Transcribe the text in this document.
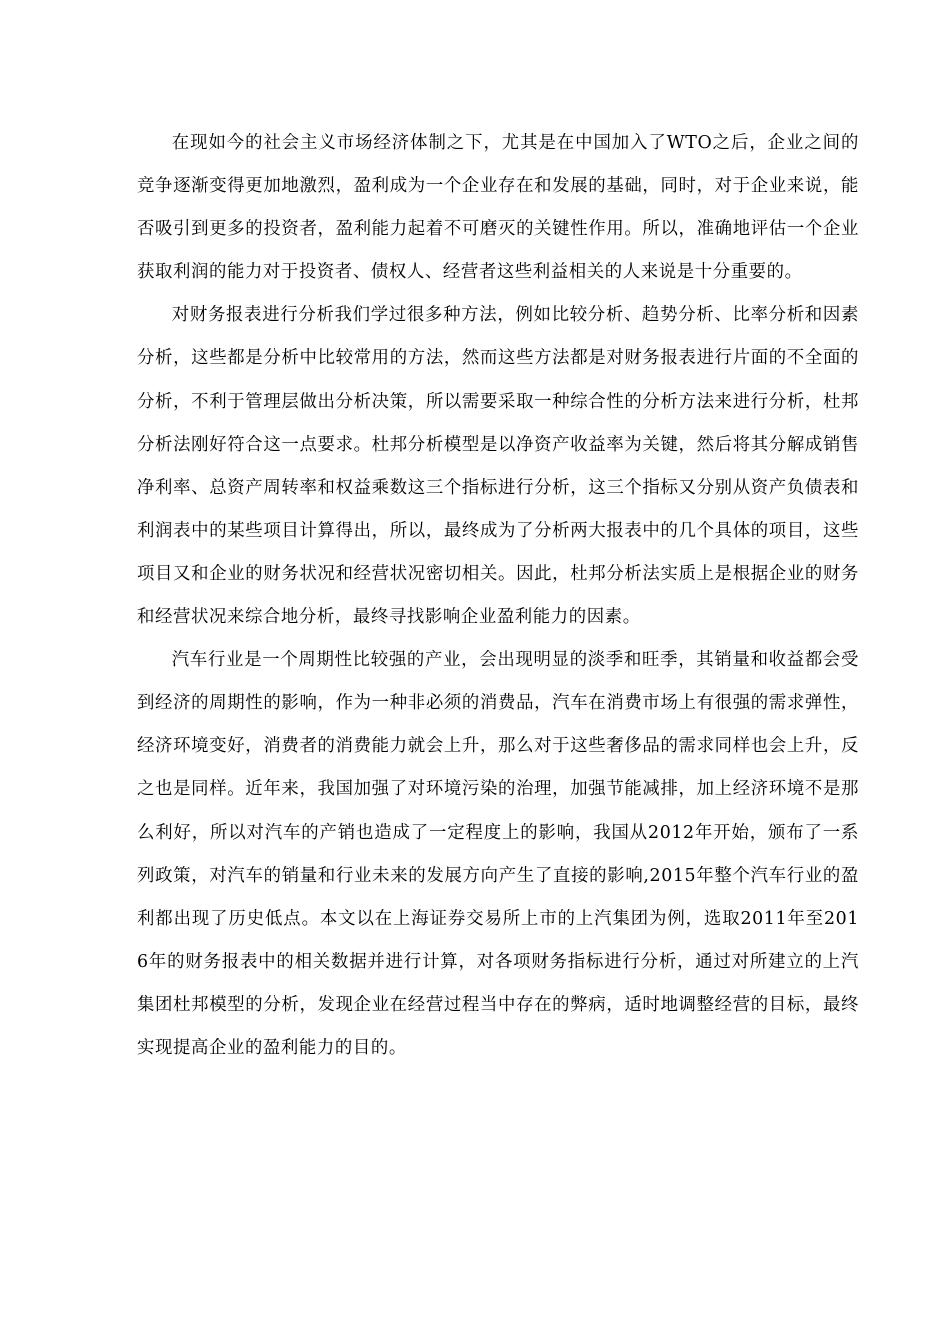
在现如今的社会主义市场经济体制之下，尤其是在中国加入了WTO之后，企业之间的竞争逐渐变得更加地激烈，盈利成为一个企业存在和发展的基础，同时，对于企业来说，能否吸引到更多的投资者，盈利能力起着不可磨灭的关键性作用。所以，准确地评估一个企业获取利润的能力对于投资者、债权人、经营者这些利益相关的人来说是十分重要的。

对财务报表进行分析我们学过很多种方法，例如比较分析、趋势分析、比率分析和因素分析，这些都是分析中比较常用的方法，然而这些方法都是对财务报表进行片面的不全面的分析，不利于管理层做出分析决策，所以需要采取一种综合性的分析方法来进行分析，杜邦分析法刚好符合这一点要求。杜邦分析模型是以净资产收益率为关键，然后将其分解成销售净利率、总资产周转率和权益乘数这三个指标进行分析，这三个指标又分别从资产负债表和利润表中的某些项目计算得出，所以，最终成为了分析两大报表中的几个具体的项目，这些项目又和企业的财务状况和经营状况密切相关。因此，杜邦分析法实质上是根据企业的财务和经营状况来综合地分析，最终寻找影响企业盈利能力的因素。

汽车行业是一个周期性比较强的产业，会出现明显的淡季和旺季，其销量和收益都会受到经济的周期性的影响，作为一种非必须的消费品，汽车在消费市场上有很强的需求弹性，经济环境变好，消费者的消费能力就会上升，那么对于这些奢侈品的需求同样也会上升，反之也是同样。近年来，我国加强了对环境污染的治理，加强节能减排，加上经济环境不是那么利好，所以对汽车的产销也造成了一定程度上的影响，我国从2012年开始，颁布了一系列政策，对汽车的销量和行业未来的发展方向产生了直接的影响,2015年整个汽车行业的盈利都出现了历史低点。本文以在上海证券交易所上市的上汽集团为例，选取2011年至2016年的财务报表中的相关数据并进行计算，对各项财务指标进行分析，通过对所建立的上汽集团杜邦模型的分析，发现企业在经营过程当中存在的弊病，适时地调整经营的目标，最终实现提高企业的盈利能力的目的。
